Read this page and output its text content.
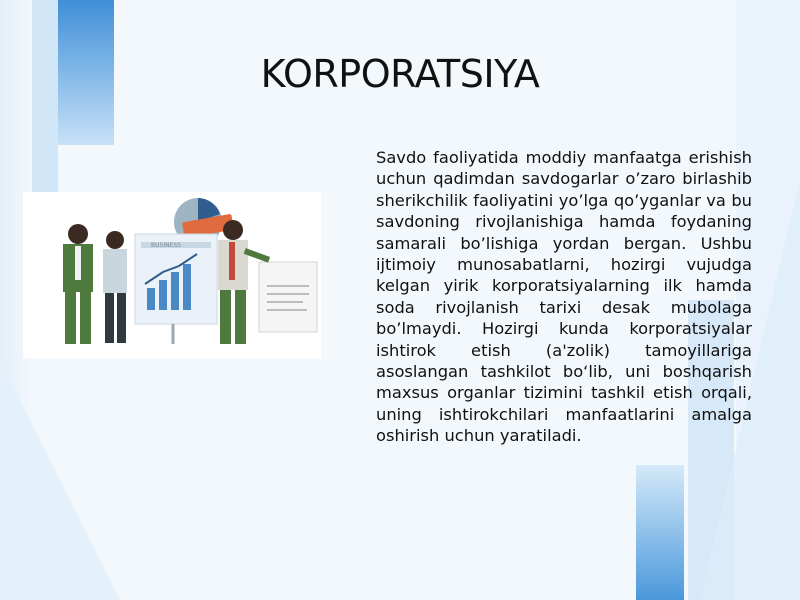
KORPORATSIYA
BUSINESS
Savdo faoliyatida moddiy manfaatga erishish uchun qadimdan savdogarlar o’zaro birlashib sherikchilik faoliyatini yo’lga qo’yganlar va bu savdoning rivojlanishiga hamda foydaning samarali bo’lishiga yordan bergan. Ushbu ijtimoiy munosabatlarni, hozirgi vujudga kelgan yirik korporatsiyalarning ilk hamda soda rivojlanish tarixi desak mubolaga bo’lmaydi. Hozirgi kunda korporatsiyalar ishtirok etish (a'zolik) tamoyillariga asoslangan tashkilot bo‘lib, uni boshqarish maxsus organlar tizimini tashkil etish orqali, uning ishtirokchilari manfaatlarini amalga oshirish uchun yaratiladi.
